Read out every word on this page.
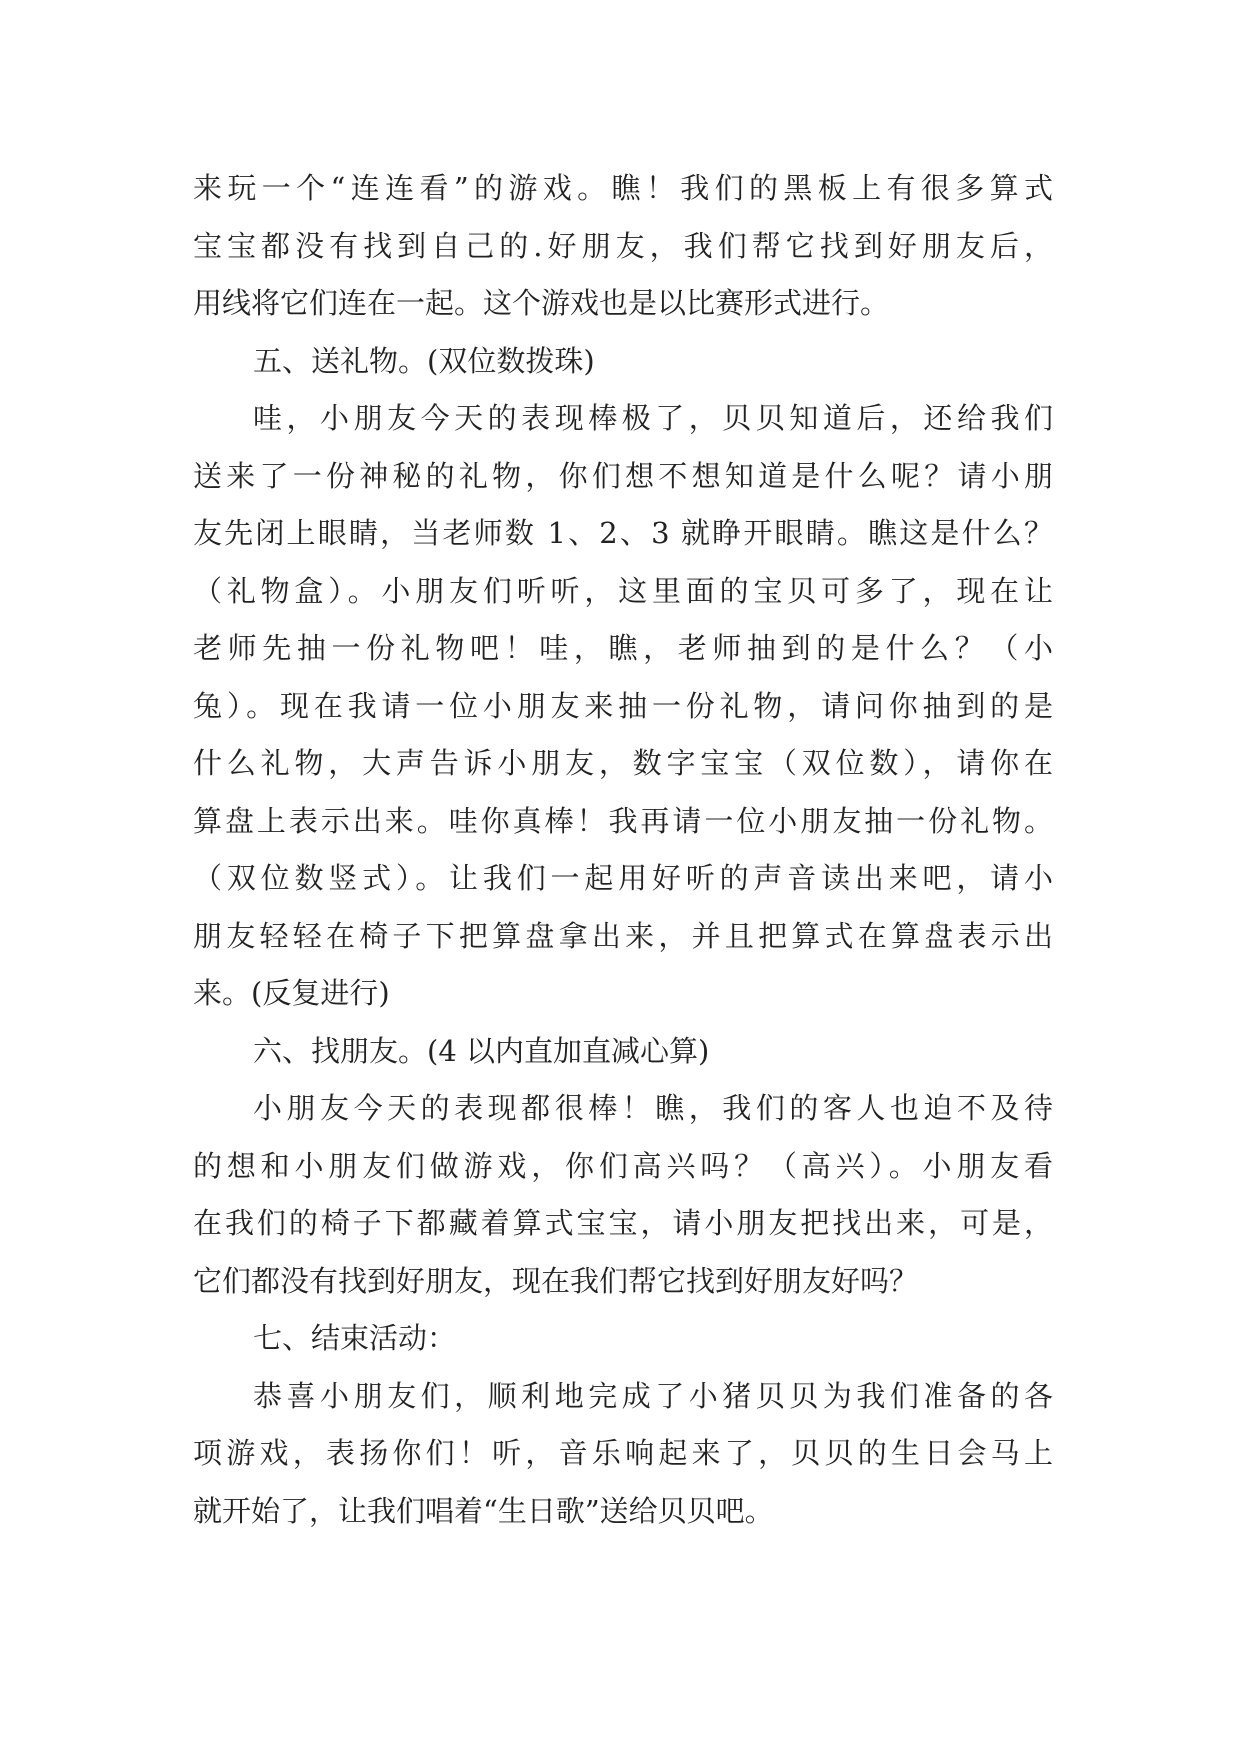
来玩一个“连连看”的游戏。瞧！我们的黑板上有很多算式
宝宝都没有找到自己的.好朋友，我们帮它找到好朋友后，
用线将它们连在一起。这个游戏也是以比赛形式进行。
五、送礼物。(双位数拨珠)
哇，小朋友今天的表现棒极了，贝贝知道后，还给我们
送来了一份神秘的礼物，你们想不想知道是什么呢？请小朋
友先闭上眼睛，当老师数 1、2、3 就睁开眼睛。瞧这是什么？
（礼物盒）。小朋友们听听，这里面的宝贝可多了，现在让
老师先抽一份礼物吧！哇，瞧，老师抽到的是什么？（小
兔）。现在我请一位小朋友来抽一份礼物，请问你抽到的是
什么礼物，大声告诉小朋友，数字宝宝（双位数），请你在
算盘上表示出来。哇你真棒！我再请一位小朋友抽一份礼物。
（双位数竖式）。让我们一起用好听的声音读出来吧，请小
朋友轻轻在椅子下把算盘拿出来，并且把算式在算盘表示出
来。(反复进行)
六、找朋友。(4 以内直加直减心算)
小朋友今天的表现都很棒！瞧，我们的客人也迫不及待
的想和小朋友们做游戏，你们高兴吗？（高兴）。小朋友看
在我们的椅子下都藏着算式宝宝，请小朋友把找出来，可是，
它们都没有找到好朋友，现在我们帮它找到好朋友好吗？
七、结束活动：
恭喜小朋友们，顺利地完成了小猪贝贝为我们准备的各
项游戏，表扬你们！听，音乐响起来了，贝贝的生日会马上
就开始了，让我们唱着“生日歌”送给贝贝吧。
